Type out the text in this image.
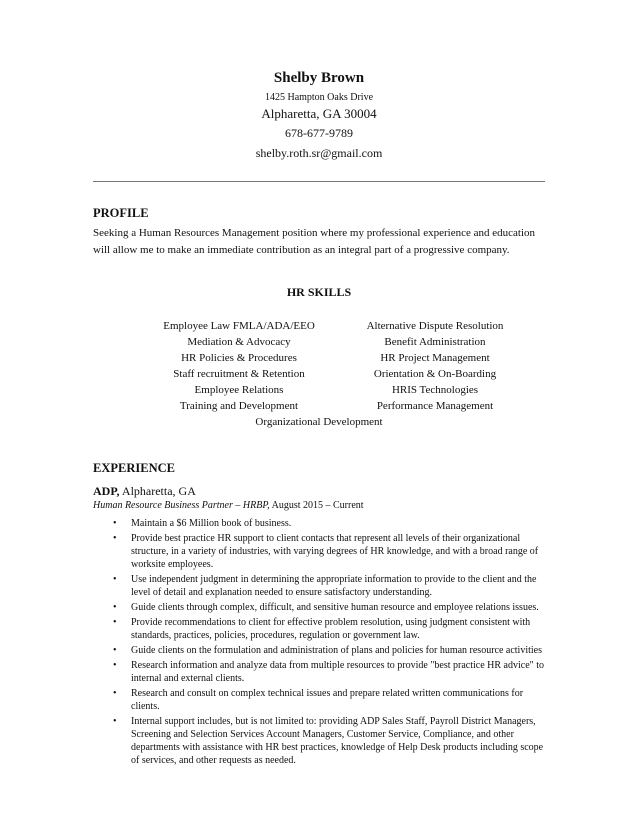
Shelby Brown
1425 Hampton Oaks Drive
Alpharetta, GA 30004
678-677-9789
shelby.roth.sr@gmail.com
PROFILE
Seeking a Human Resources Management position where my professional experience and education will allow me to make an immediate contribution as an integral part of a progressive company.
HR SKILLS
Employee Law FMLA/ADA/EEO
Mediation & Advocacy
HR Policies & Procedures
Staff recruitment & Retention
Employee Relations
Training and Development
Alternative Dispute Resolution
Benefit Administration
HR Project Management
Orientation & On-Boarding
HRIS Technologies
Performance Management
Organizational Development
EXPERIENCE
ADP, Alpharetta, GA
Human Resource Business Partner – HRBP, August 2015 – Current
• Maintain a $6 Million book of business.
• Provide best practice HR support to client contacts that represent all levels of their organizational structure, in a variety of industries, with varying degrees of HR knowledge, and with a broad range of worksite employees.
• Use independent judgment in determining the appropriate information to provide to the client and the level of detail and explanation needed to ensure satisfactory understanding.
• Guide clients through complex, difficult, and sensitive human resource and employee relations issues.
• Provide recommendations to client for effective problem resolution, using judgment consistent with standards, practices, policies, procedures, regulation or government law.
• Guide clients on the formulation and administration of plans and policies for human resource activities
• Research information and analyze data from multiple resources to provide "best practice HR advice" to internal and external clients.
• Research and consult on complex technical issues and prepare related written communications for clients.
• Internal support includes, but is not limited to: providing ADP Sales Staff, Payroll District Managers, Screening and Selection Services Account Managers, Customer Service, Compliance, and other departments with assistance with HR best practices, knowledge of Help Desk products including scope of services, and other requests as needed.
